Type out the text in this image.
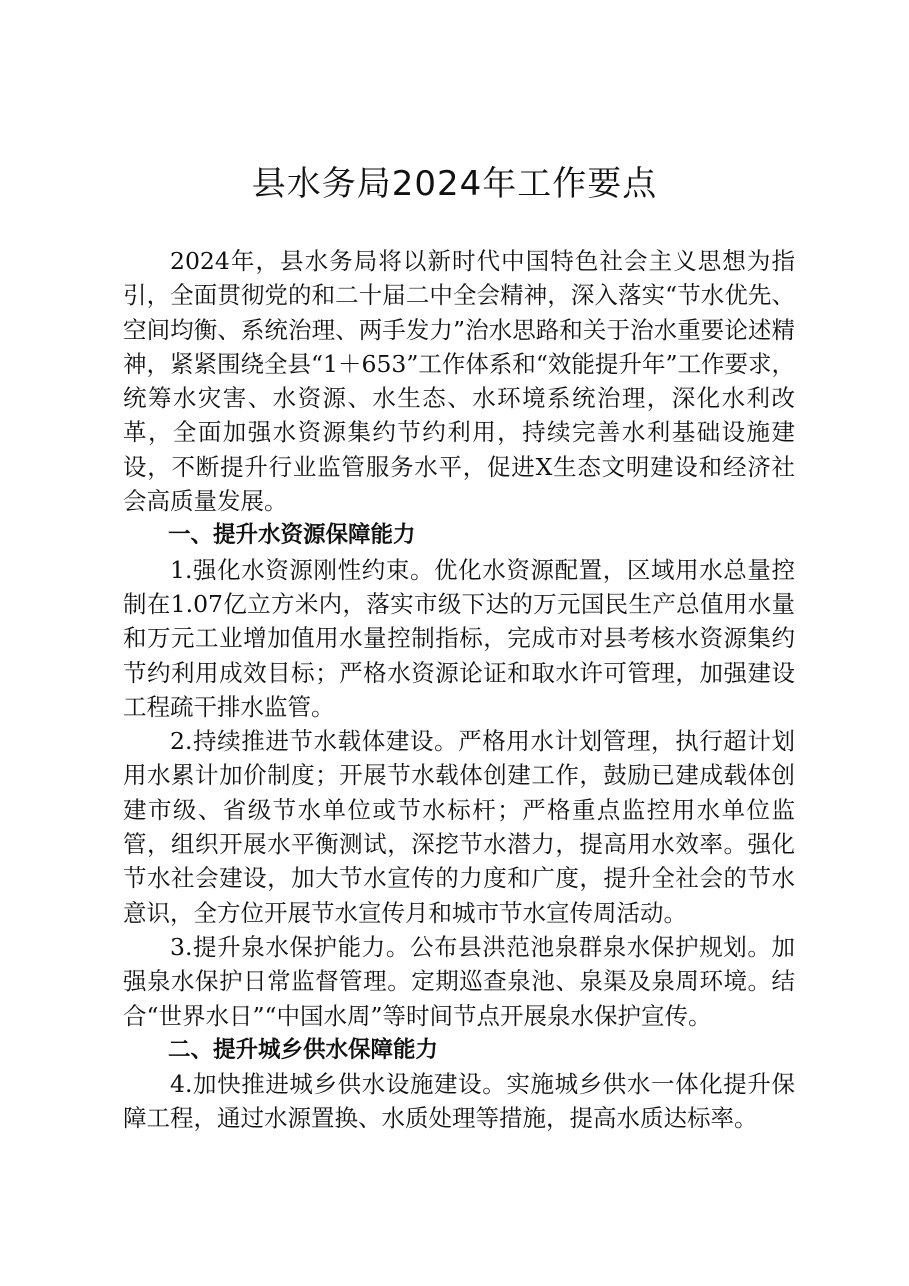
县水务局2024年工作要点

2024年，县水务局将以新时代中国特色社会主义思想为指引，全面贯彻党的和二十届二中全会精神，深入落实“节水优先、空间均衡、系统治理、两手发力”治水思路和关于治水重要论述精神，紧紧围绕全县“1＋653”工作体系和“效能提升年”工作要求，统筹水灾害、水资源、水生态、水环境系统治理，深化水利改革，全面加强水资源集约节约利用，持续完善水利基础设施建设，不断提升行业监管服务水平，促进X生态文明建设和经济社会高质量发展。

一、提升水资源保障能力

1.强化水资源刚性约束。优化水资源配置，区域用水总量控制在1.07亿立方米内，落实市级下达的万元国民生产总值用水量和万元工业增加值用水量控制指标，完成市对县考核水资源集约节约利用成效目标；严格水资源论证和取水许可管理，加强建设工程疏干排水监管。

2.持续推进节水载体建设。严格用水计划管理，执行超计划用水累计加价制度；开展节水载体创建工作，鼓励已建成载体创建市级、省级节水单位或节水标杆；严格重点监控用水单位监管，组织开展水平衡测试，深挖节水潜力，提高用水效率。强化节水社会建设，加大节水宣传的力度和广度，提升全社会的节水意识，全方位开展节水宣传月和城市节水宣传周活动。

3.提升泉水保护能力。公布县洪范池泉群泉水保护规划。加强泉水保护日常监督管理。定期巡查泉池、泉渠及泉周环境。结合“世界水日”“中国水周”等时间节点开展泉水保护宣传。

二、提升城乡供水保障能力

4.加快推进城乡供水设施建设。实施城乡供水一体化提升保障工程，通过水源置换、水质处理等措施，提高水质达标率。
